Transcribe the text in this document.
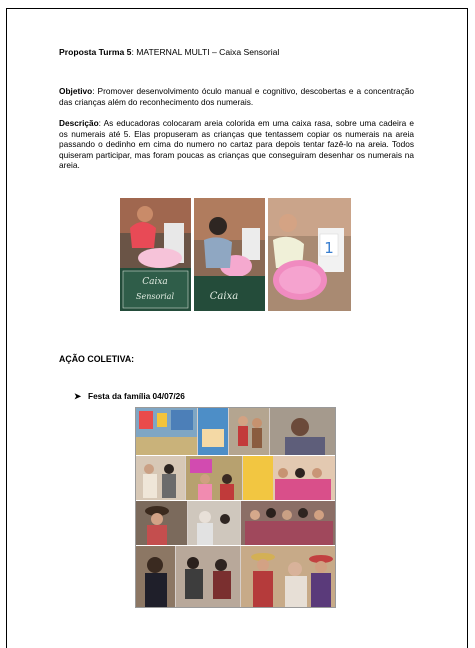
Proposta Turma 5: MATERNAL MULTI – Caixa Sensorial
Objetivo: Promover desenvolvimento óculo manual e cognitivo, descobertas e a concentração das crianças além do reconhecimento dos numerais.
Descrição: As educadoras colocaram areia colorida em uma caixa rasa, sobre uma cadeira e os numerais até 5. Elas propuseram as crianças que tentassem copiar os numerais na areia passando o dedinho em cima do numero no cartaz para depois tentar fazê-lo na areia. Todos quiseram participar, mas foram poucas as crianças que conseguiram desenhar os numerais na areia.
Caixa
Sensorial	Caixa
1
AÇÃO COLETIVA:
➤ Festa da família 04/07/26
